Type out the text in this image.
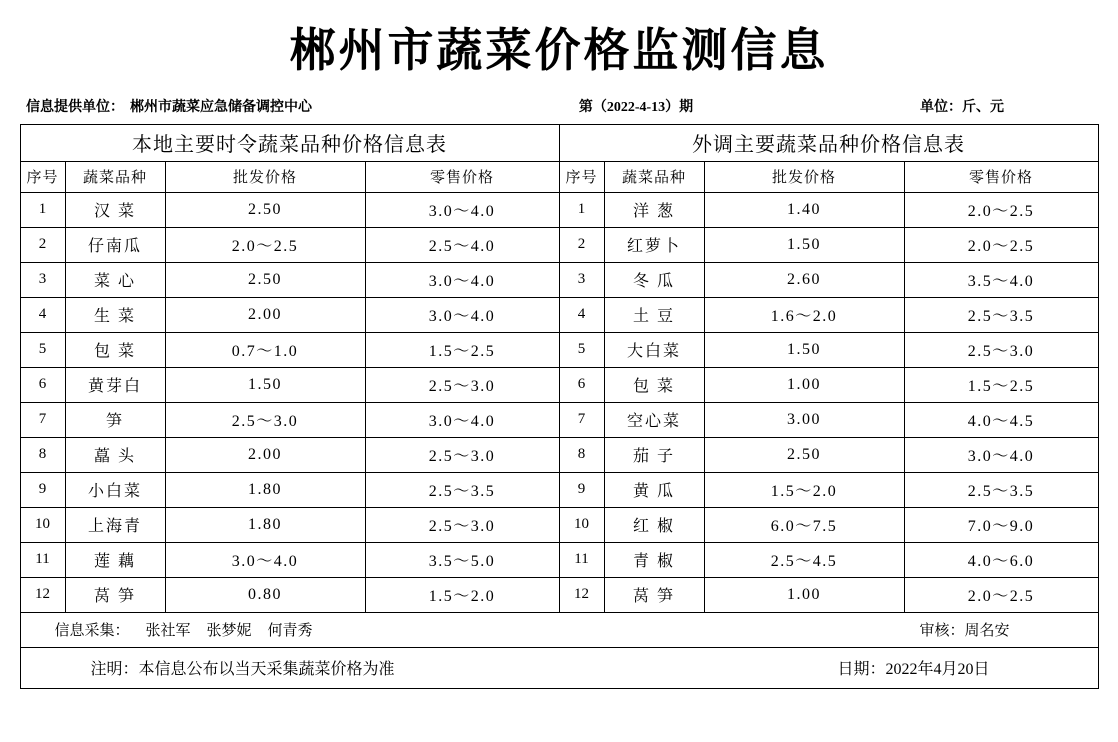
郴州市蔬菜价格监测信息
信息提供单位： 郴州市蔬菜应急储备调控中心	第（2022-4-13）期	单位：斤、元
本地主要时令蔬菜品种价格信息表				外调主要蔬菜品种价格信息表			
序号	蔬菜品种	批发价格	零售价格	序号	蔬菜品种	批发价格	零售价格
1	汉 菜	2.50	3.0～4.0	1	洋 葱	1.40	2.0～2.5
2	仔南瓜	2.0～2.5	2.5～4.0	2	红萝卜	1.50	2.0～2.5
3	菜 心	2.50	3.0～4.0	3	冬 瓜	2.60	3.5～4.0
4	生 菜	2.00	3.0～4.0	4	土 豆	1.6～2.0	2.5～3.5
5	包 菜	0.7～1.0	1.5～2.5	5	大白菜	1.50	2.5～3.0
6	黄芽白	1.50	2.5～3.0	6	包 菜	1.00	1.5～2.5
7	笋	2.5～3.0	3.0～4.0	7	空心菜	3.00	4.0～4.5
8	藠 头	2.00	2.5～3.0	8	茄 子	2.50	3.0～4.0
9	小白菜	1.80	2.5～3.5	9	黄 瓜	1.5～2.0	2.5～3.5
10	上海青	1.80	2.5～3.0	10	红 椒	6.0～7.5	7.0～9.0
11	莲 藕	3.0～4.0	3.5～5.0	11	青 椒	2.5～4.5	4.0～6.0
12	莴 笋	0.80	1.5～2.0	12	莴 笋	1.00	2.0～2.5

信息采集： 张社军 张梦妮 何青秀 审核：周名安							

注明：本信息公布以当天采集蔬菜价格为准 日期：2022年4月20日							
